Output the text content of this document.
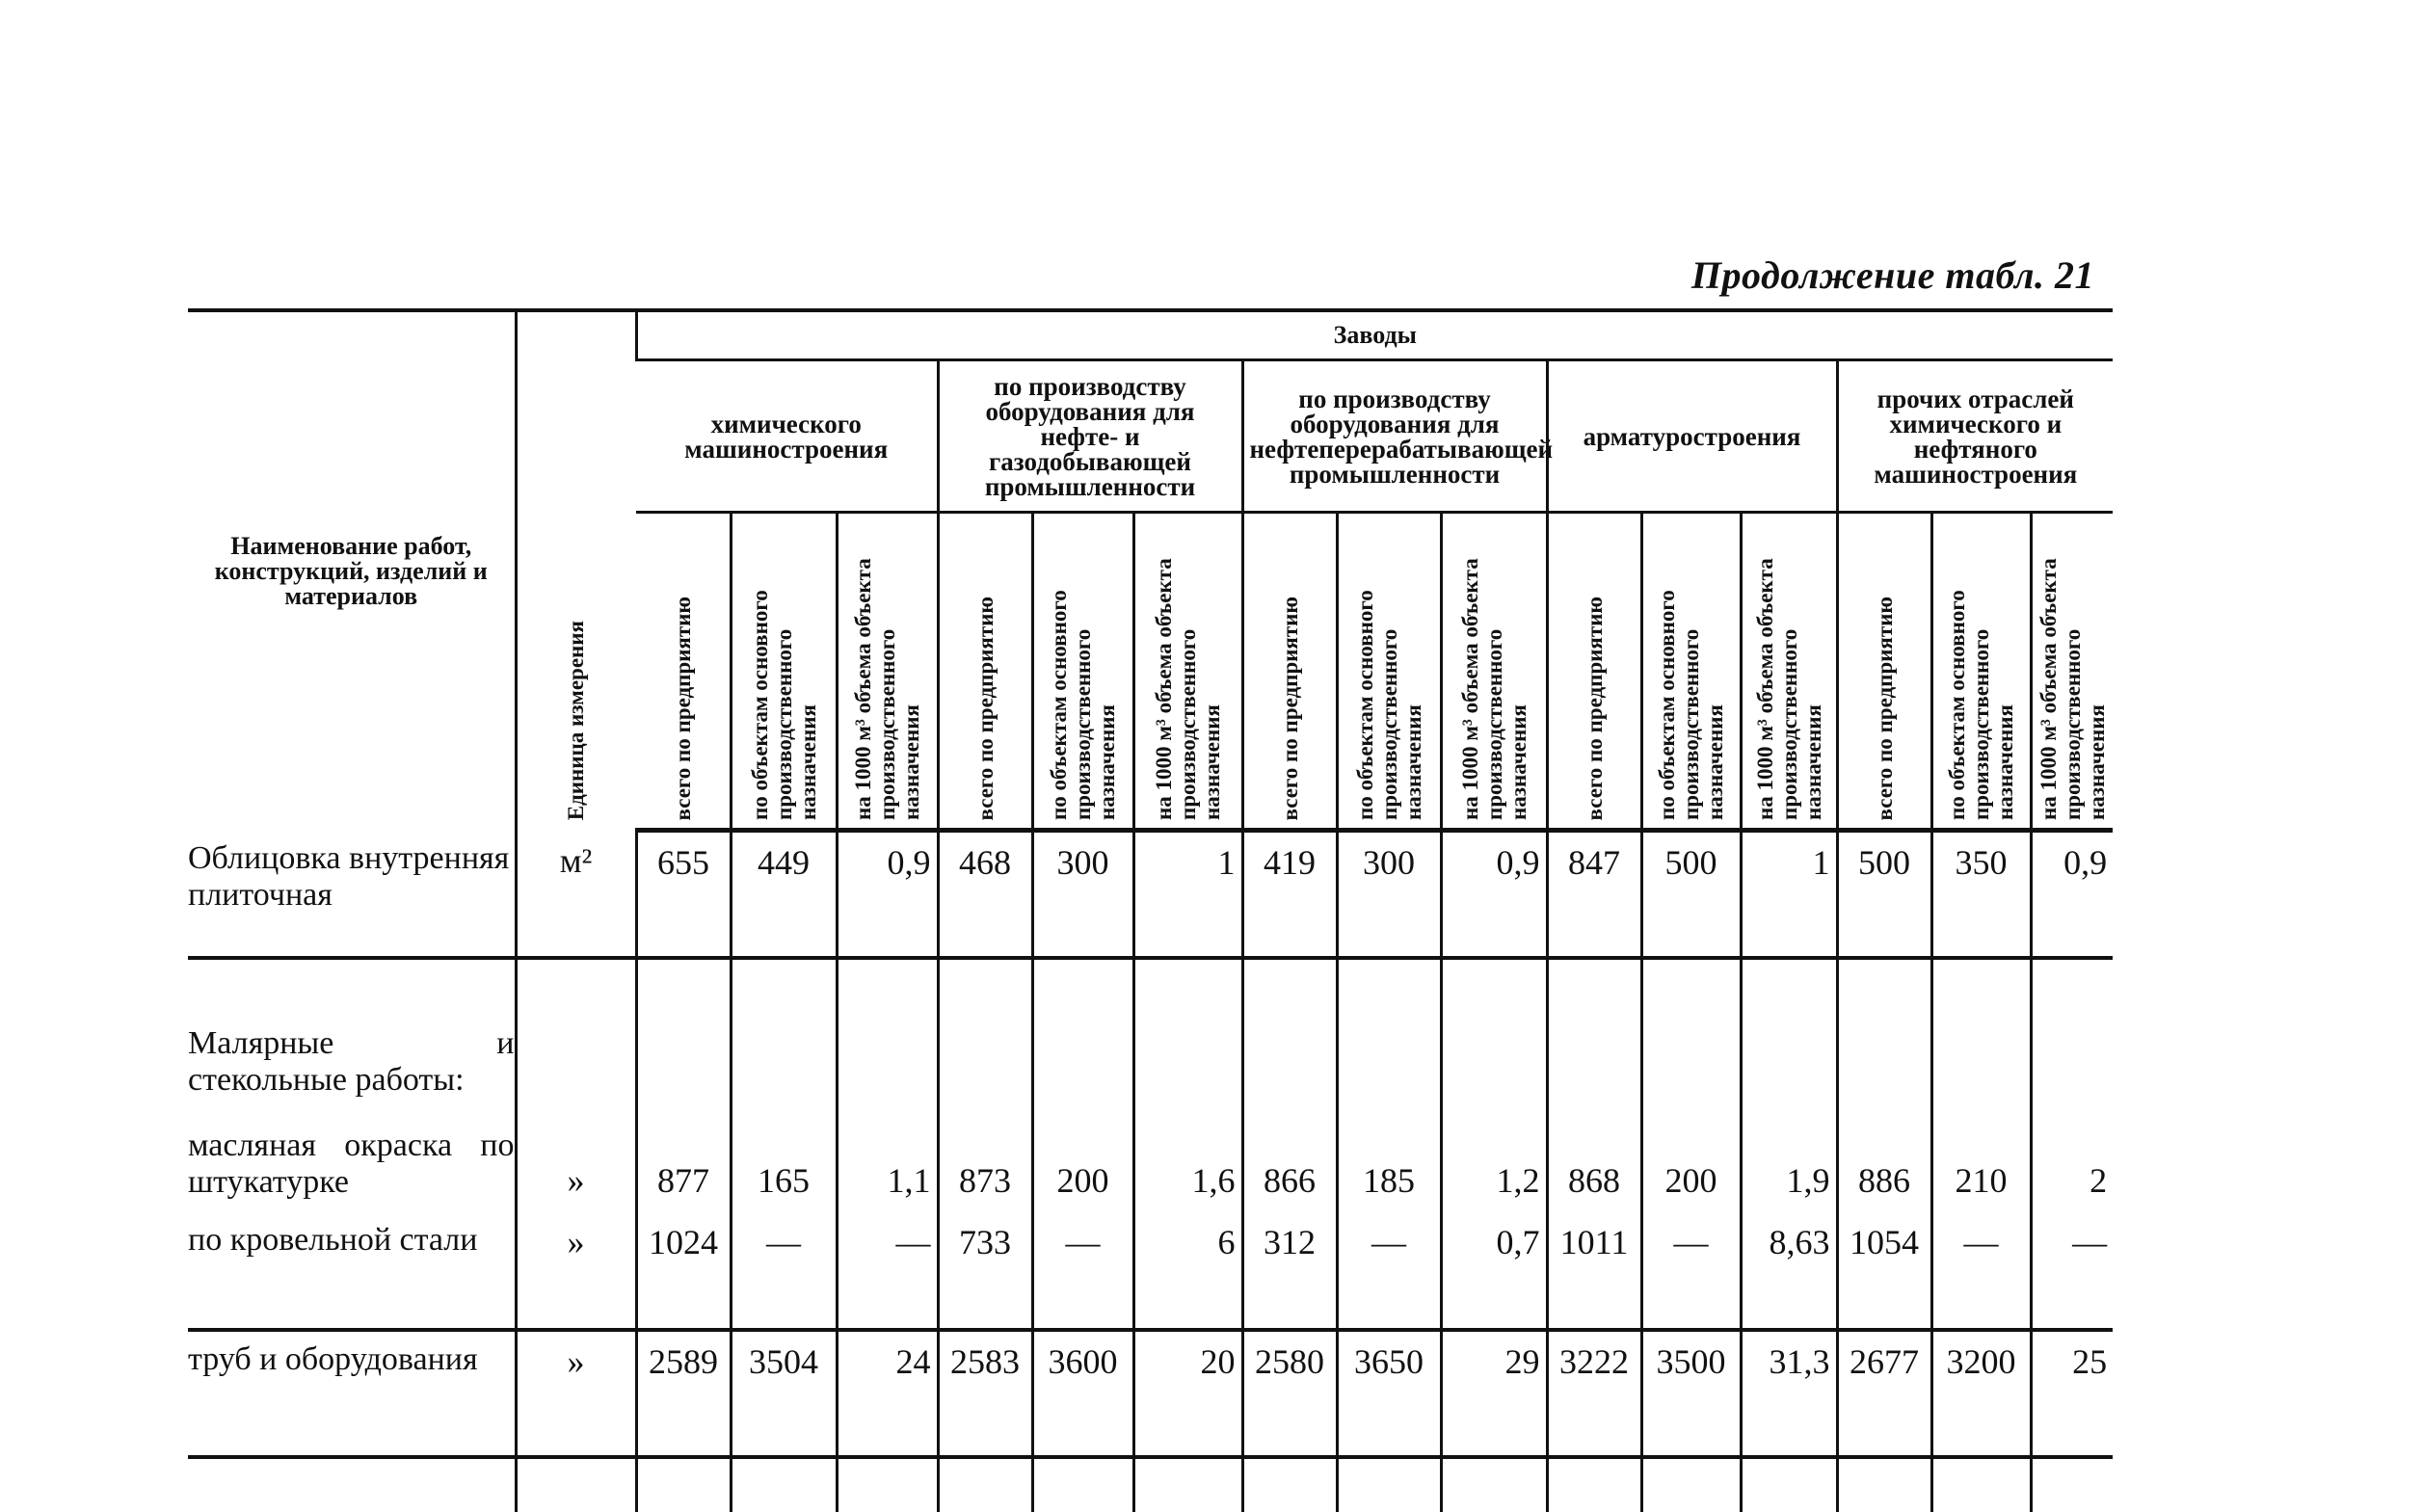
Продолжение табл. 21
Наименование работ, конструкций, изделий и материалов	Единица измерения	Заводы														
		химического машиностроения			по производству оборудования для нефте- и газодобывающей промышленности			по производству оборудования для нефтеперерабатывающей промышленности			арматуростроения			прочих отраслей химического и нефтяного машиностроения		

		всего по предприятию	по объектам основного производственного назначения	на 1000 м³ объема объекта производственного назначения	всего по предприятию	по объектам основного производственного назначения	на 1000 м³ объема объекта производственного назначения	всего по предприятию	по объектам основного производственного назначения	на 1000 м³ объема объекта производственного назначения	всего по предприятию	по объектам основного производственного назначения	на 1000 м³ объема объекта производственного назначения	всего по предприятию	по объектам основного производственного назначения	на 1000 м³ объема объекта производственного назначения

Облицовка внутренняя плиточная	м²	655	449	0,9	468	300	1	419	300	0,9	847	500	1	500	350	0,9

Малярные и стекольные работы:
масляная окраска по штукатурке	»	877	165	1,1	873	200	1,6	866	185	1,2	868	200	1,9	886	210	2
по кровельной стали	»	1024	—	—	733	—	6	312	—	0,7	1011	—	8,63	1054	—	—
труб и оборудования	»	2589	3504	24	2583	3600	20	2580	3650	29	3222	3500	31,3	2677	3200	25
